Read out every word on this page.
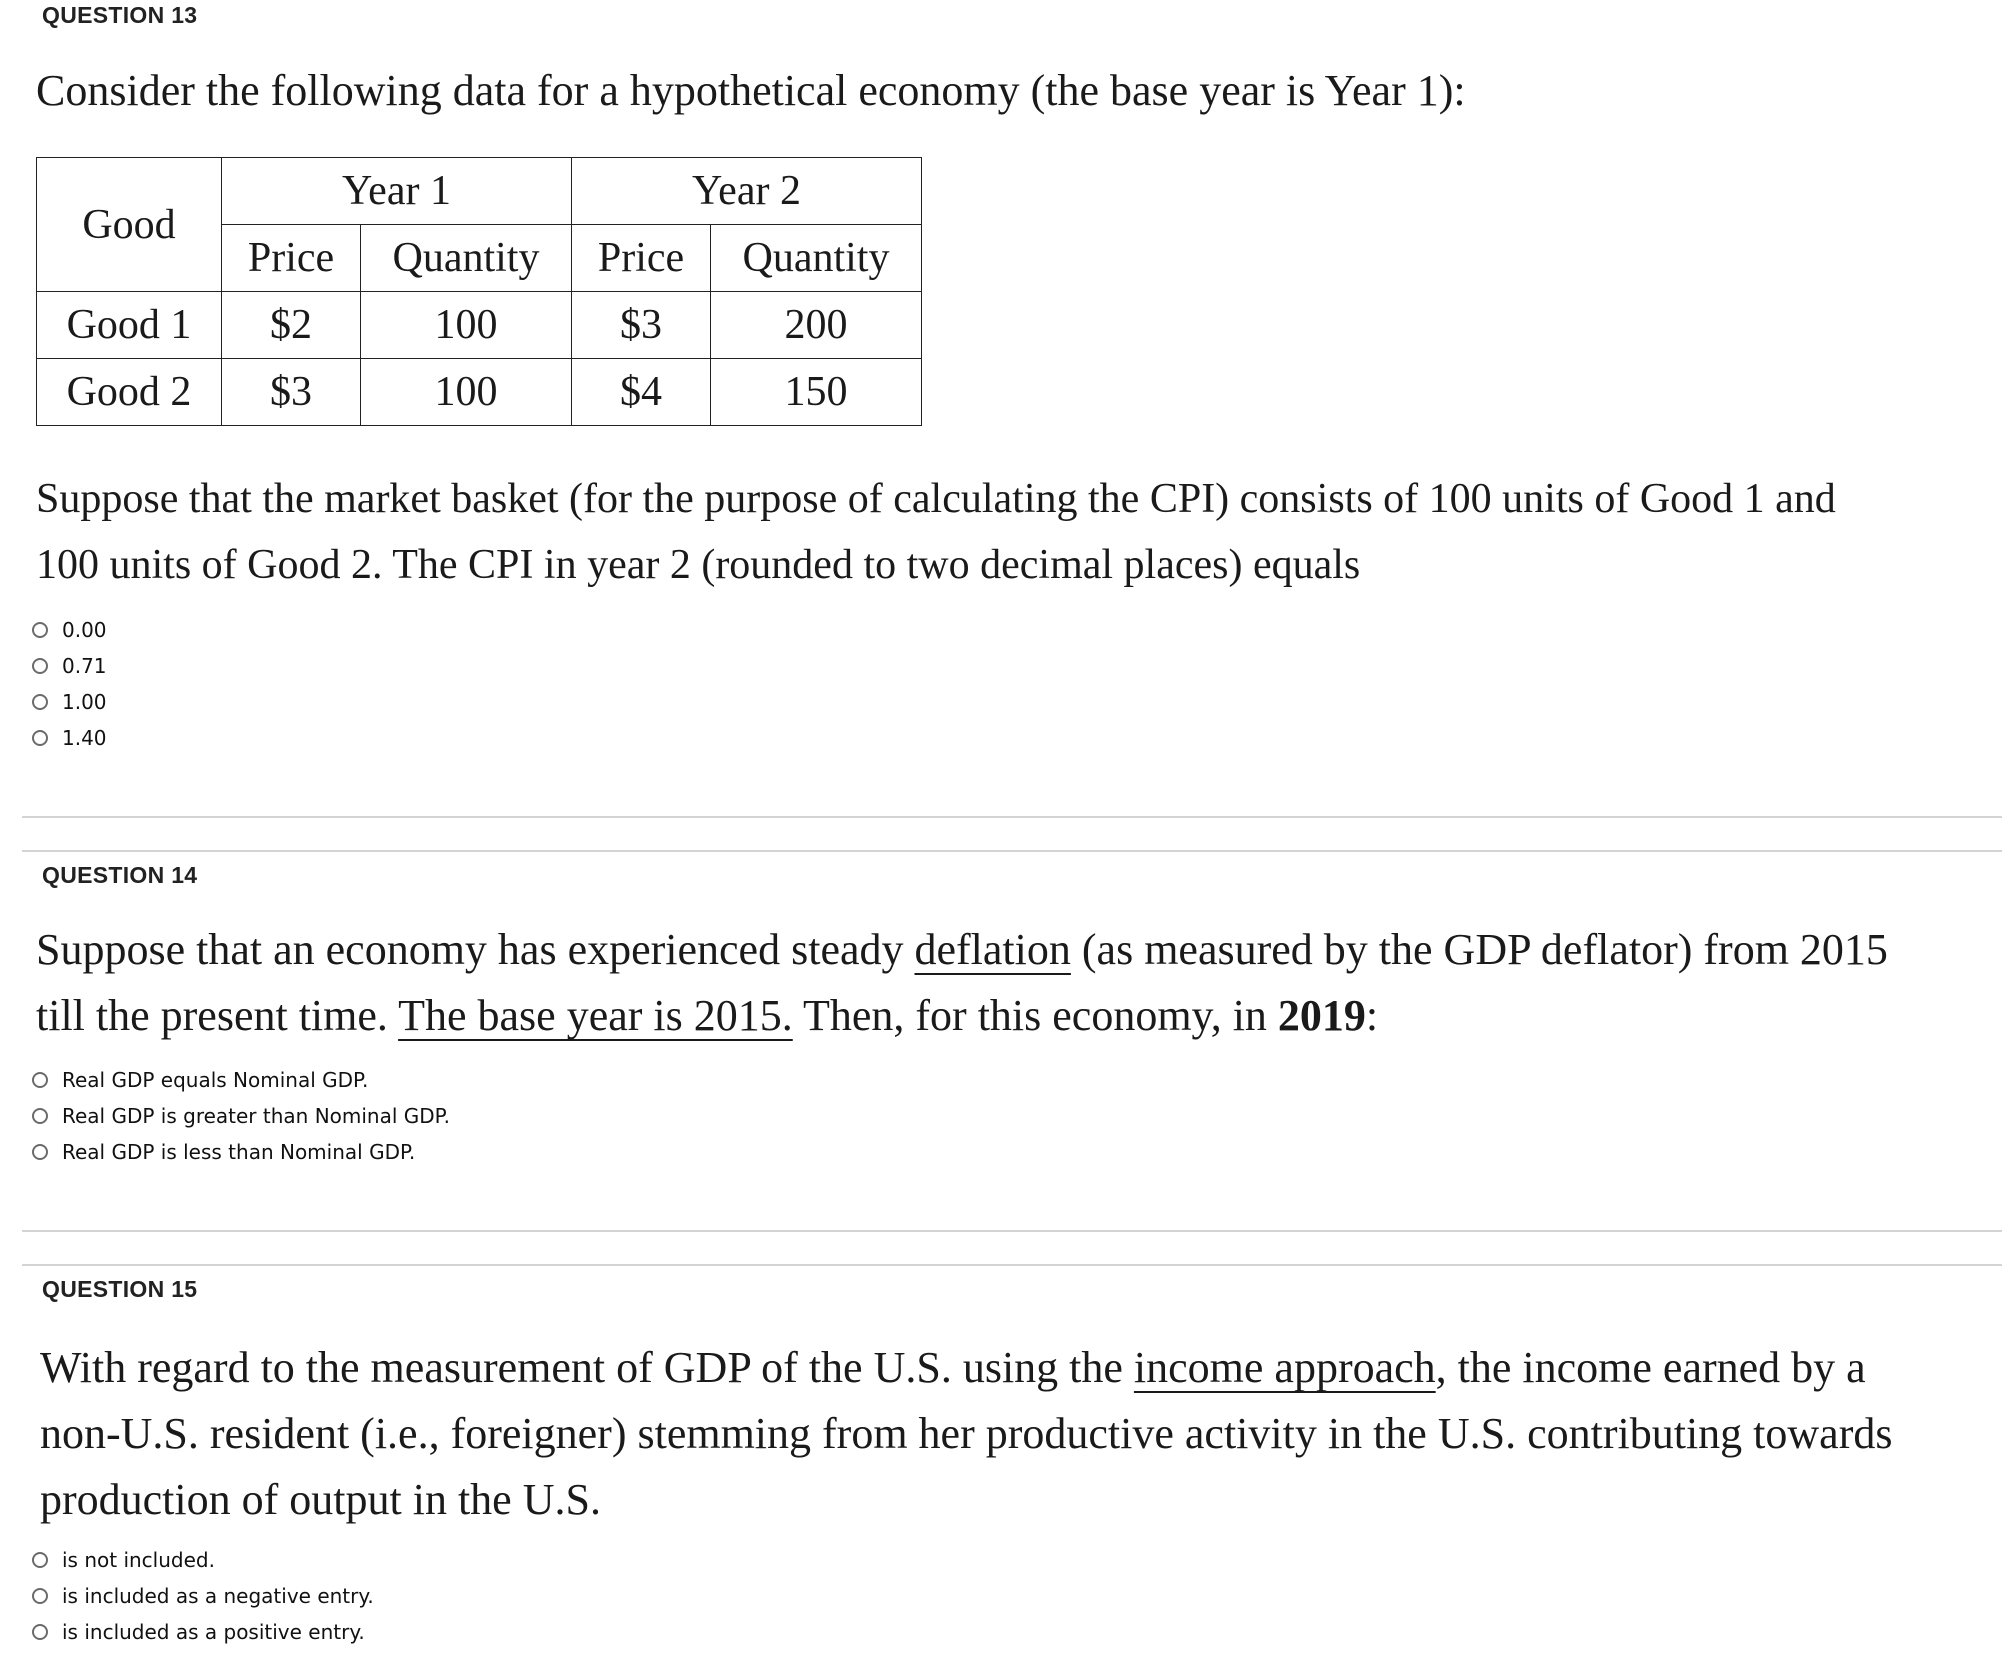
QUESTION 13
Consider the following data for a hypothetical economy (the base year is Year 1):
Good	Year 1		Year 2	
	Price	Quantity	Price	Quantity
Good 1	$2	100	$3	200
Good 2	$3	100	$4	150
Suppose that the market basket (for the purpose of calculating the CPI) consists of 100 units of Good 1 and
100 units of Good 2. The CPI in year 2 (rounded to two decimal places) equals
0.00
0.71
1.00
1.40
QUESTION 14
Suppose that an economy has experienced steady deflation (as measured by the GDP deflator) from 2015
till the present time. The base year is 2015. Then, for this economy, in 2019:
Real GDP equals Nominal GDP.
Real GDP is greater than Nominal GDP.
Real GDP is less than Nominal GDP.
QUESTION 15
With regard to the measurement of GDP of the U.S. using the income approach, the income earned by a
non-U.S. resident (i.e., foreigner) stemming from her productive activity in the U.S. contributing towards
production of output in the U.S.
is not included.
is included as a negative entry.
is included as a positive entry.
